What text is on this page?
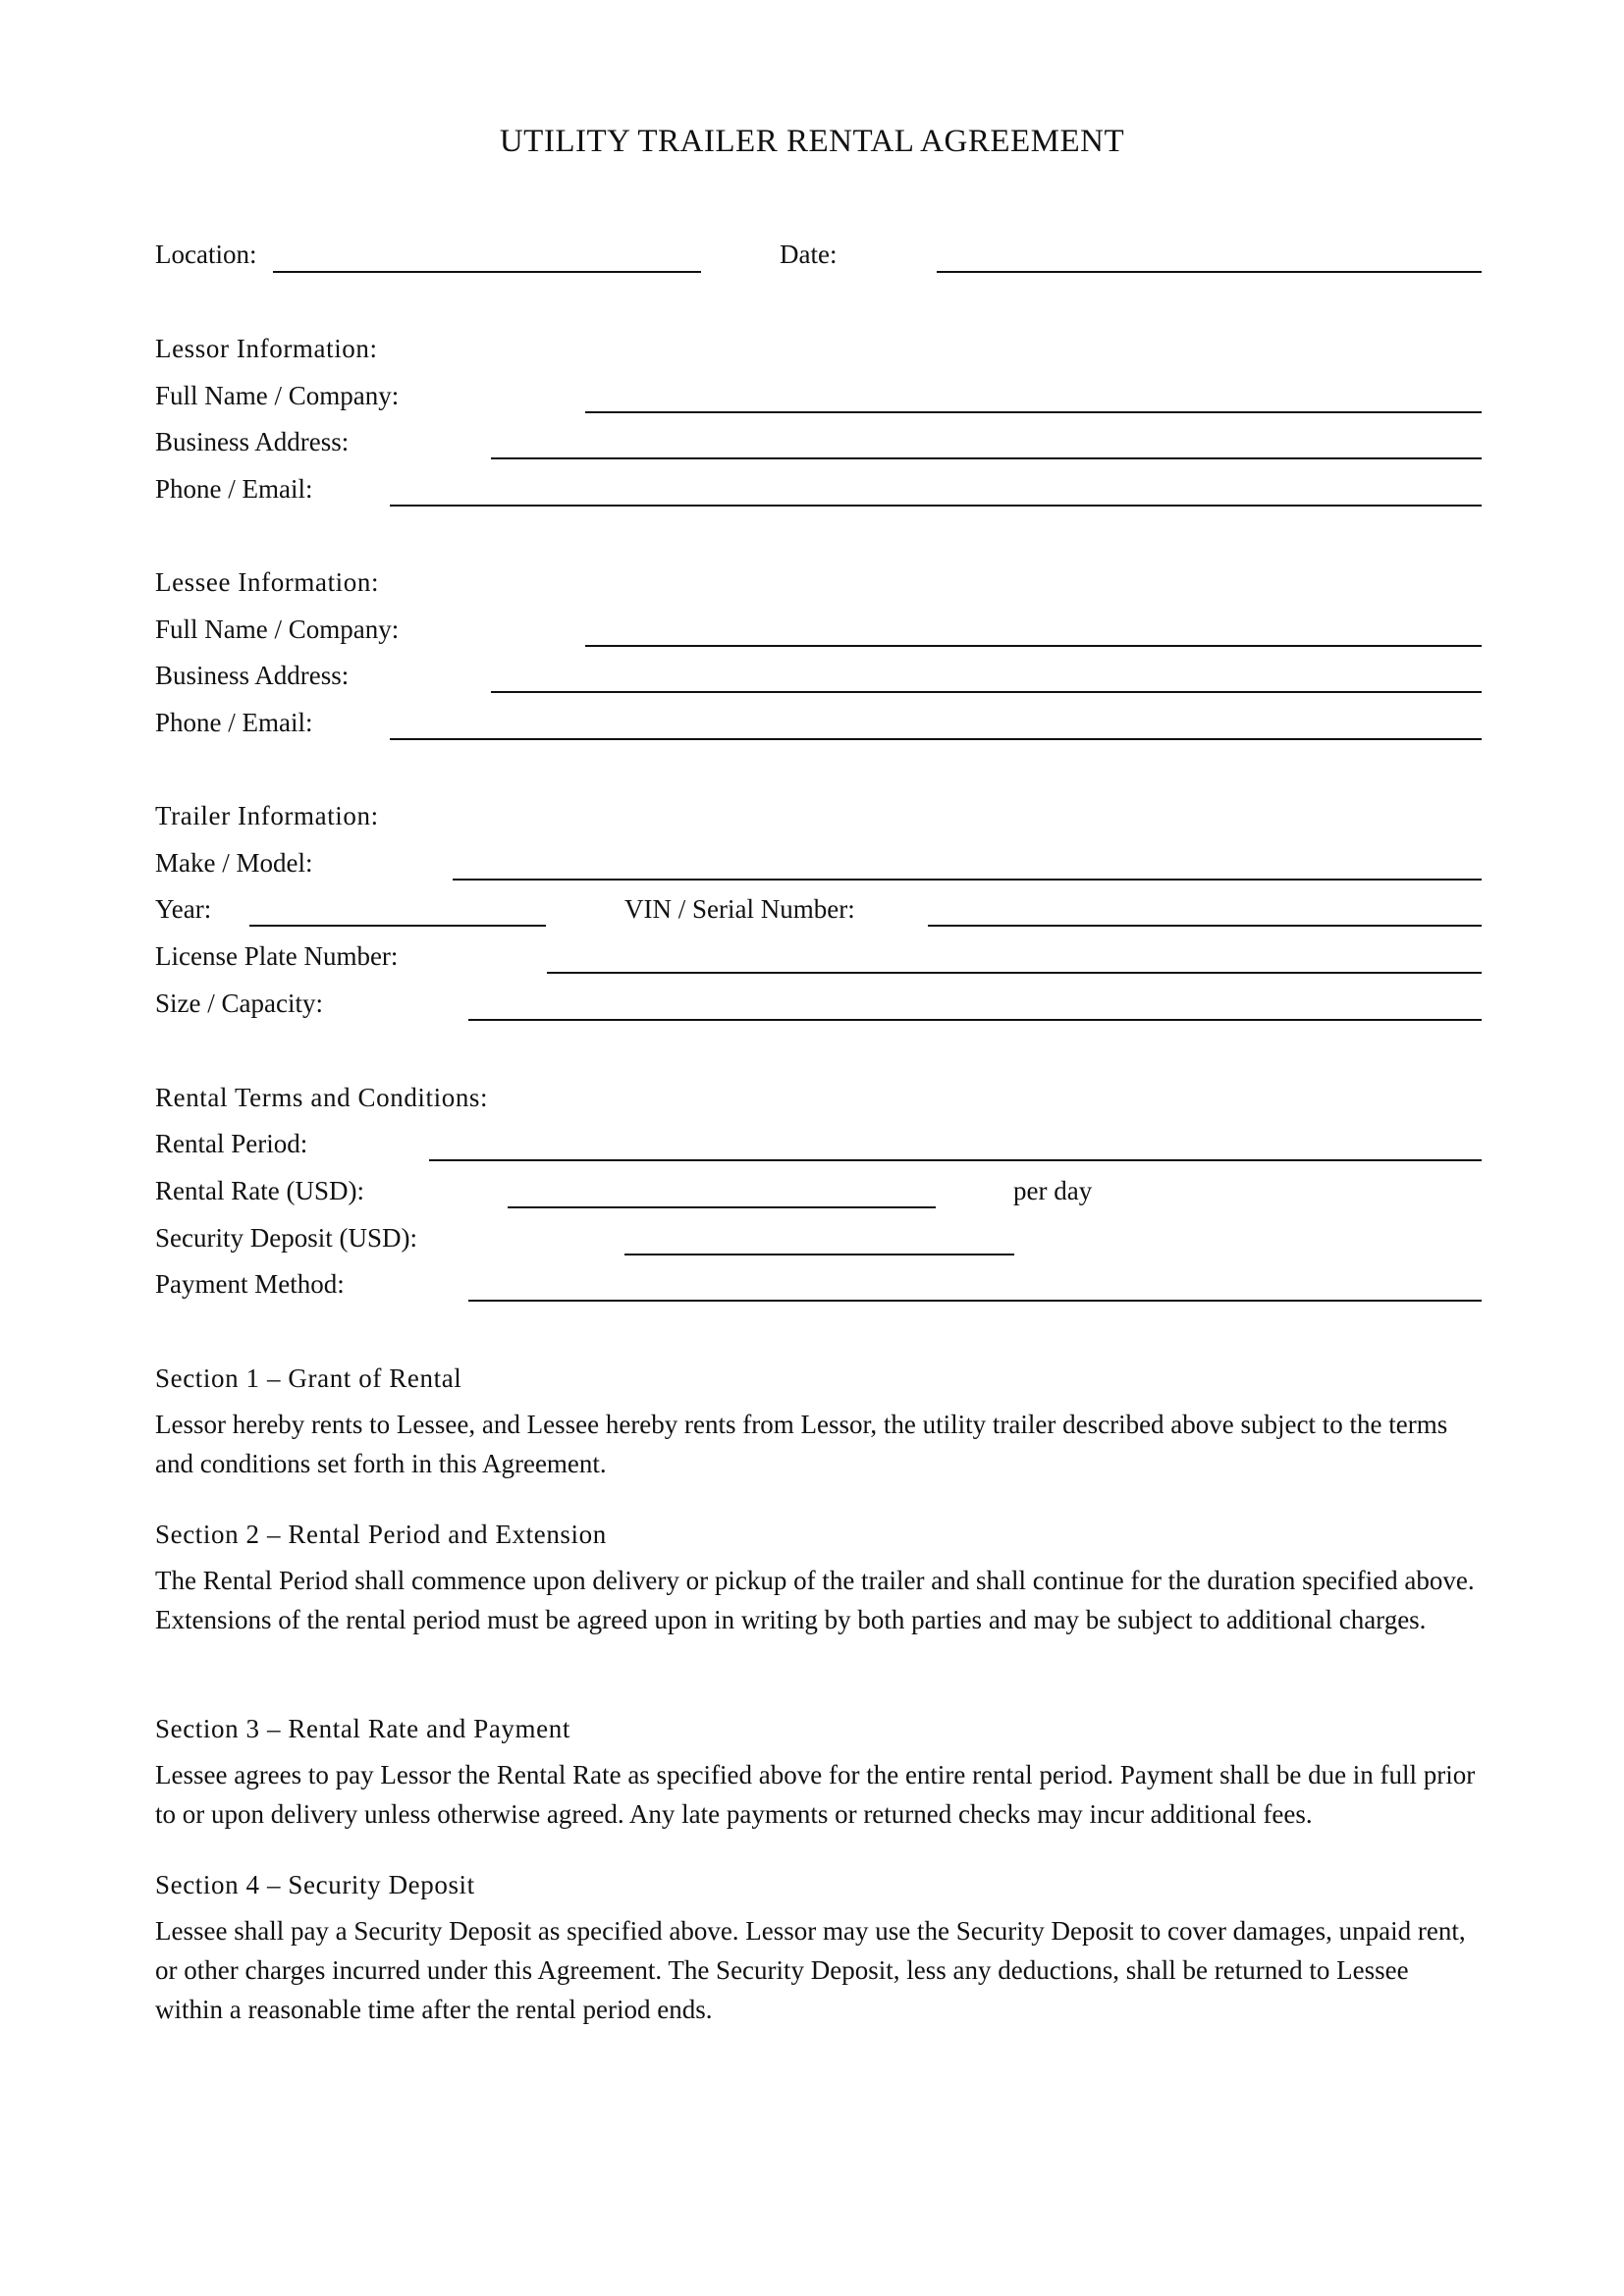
UTILITY TRAILER RENTAL AGREEMENT
Location:	Date:
Lessor Information:
Full Name / Company:
Business Address:
Phone / Email:
Lessee Information:
Full Name / Company:
Business Address:
Phone / Email:
Trailer Information:
Make / Model:
Year:	VIN / Serial Number:
License Plate Number:
Size / Capacity:
Rental Terms and Conditions:
Rental Period:
Rental Rate (USD):	per day
Security Deposit (USD):
Payment Method:
Section 1 – Grant of Rental
Lessor hereby rents to Lessee, and Lessee hereby rents from Lessor, the utility trailer described above subject to the terms and conditions set forth in this Agreement.
Section 2 – Rental Period and Extension
The Rental Period shall commence upon delivery or pickup of the trailer and shall continue for the duration specified above. Extensions of the rental period must be agreed upon in writing by both parties and may be subject to additional charges.
Section 3 – Rental Rate and Payment
Lessee agrees to pay Lessor the Rental Rate as specified above for the entire rental period. Payment shall be due in full prior to or upon delivery unless otherwise agreed. Any late payments or returned checks may incur additional fees.
Section 4 – Security Deposit
Lessee shall pay a Security Deposit as specified above. Lessor may use the Security Deposit to cover damages, unpaid rent, or other charges incurred under this Agreement. The Security Deposit, less any deductions, shall be returned to Lessee within a reasonable time after the rental period ends.
